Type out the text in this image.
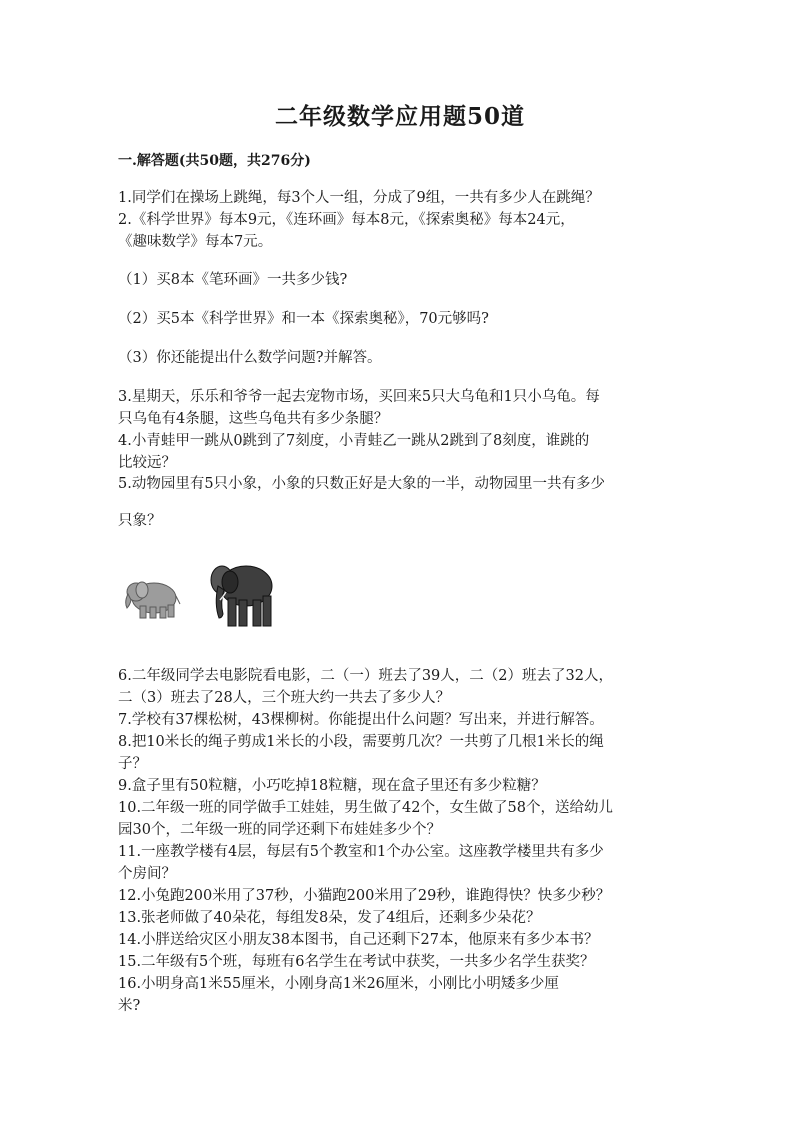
二年级数学应用题50道
一.解答题(共50题，共276分)
1.同学们在操场上跳绳，每3个人一组，分成了9组，一共有多少人在跳绳？
2.《科学世界》每本9元，《连环画》每本8元，《探索奥秘》每本24元，
《趣味数学》每本7元。
（1）买8本《笔环画》一共多少钱?
（2）买5本《科学世界》和一本《探索奥秘》，70元够吗?
（3）你还能提出什么数学问题?并解答。
3.星期天，乐乐和爷爷一起去宠物市场，买回来5只大乌龟和1只小乌龟。每
只乌龟有4条腿，这些乌龟共有多少条腿？
4.小青蛙甲一跳从0跳到了7刻度，小青蛙乙一跳从2跳到了8刻度，谁跳的
比较远？
5.动物园里有5只小象，小象的只数正好是大象的一半，动物园里一共有多少
只象？
6.二年级同学去电影院看电影，二（一）班去了39人，二（2）班去了32人，
二（3）班去了28人，三个班大约一共去了多少人？
7.学校有37棵松树，43棵柳树。你能提出什么问题？写出来，并进行解答。
8.把10米长的绳子剪成1米长的小段，需要剪几次？一共剪了几根1米长的绳
子？
9.盒子里有50粒糖，小巧吃掉18粒糖，现在盒子里还有多少粒糖？
10.二年级一班的同学做手工娃娃，男生做了42个，女生做了58个，送给幼儿
园30个，二年级一班的同学还剩下布娃娃多少个？
11.一座教学楼有4层，每层有5个教室和1个办公室。这座教学楼里共有多少
个房间？
12.小兔跑200米用了37秒，小猫跑200米用了29秒，谁跑得快？快多少秒？
13.张老师做了40朵花，每组发8朵，发了4组后，还剩多少朵花？
14.小胖送给灾区小朋友38本图书，自己还剩下27本，他原来有多少本书？
15.二年级有5个班，每班有6名学生在考试中获奖，一共多少名学生获奖？
16.小明身高1米55厘米，小刚身高1米26厘米，小刚比小明矮多少厘
米?
